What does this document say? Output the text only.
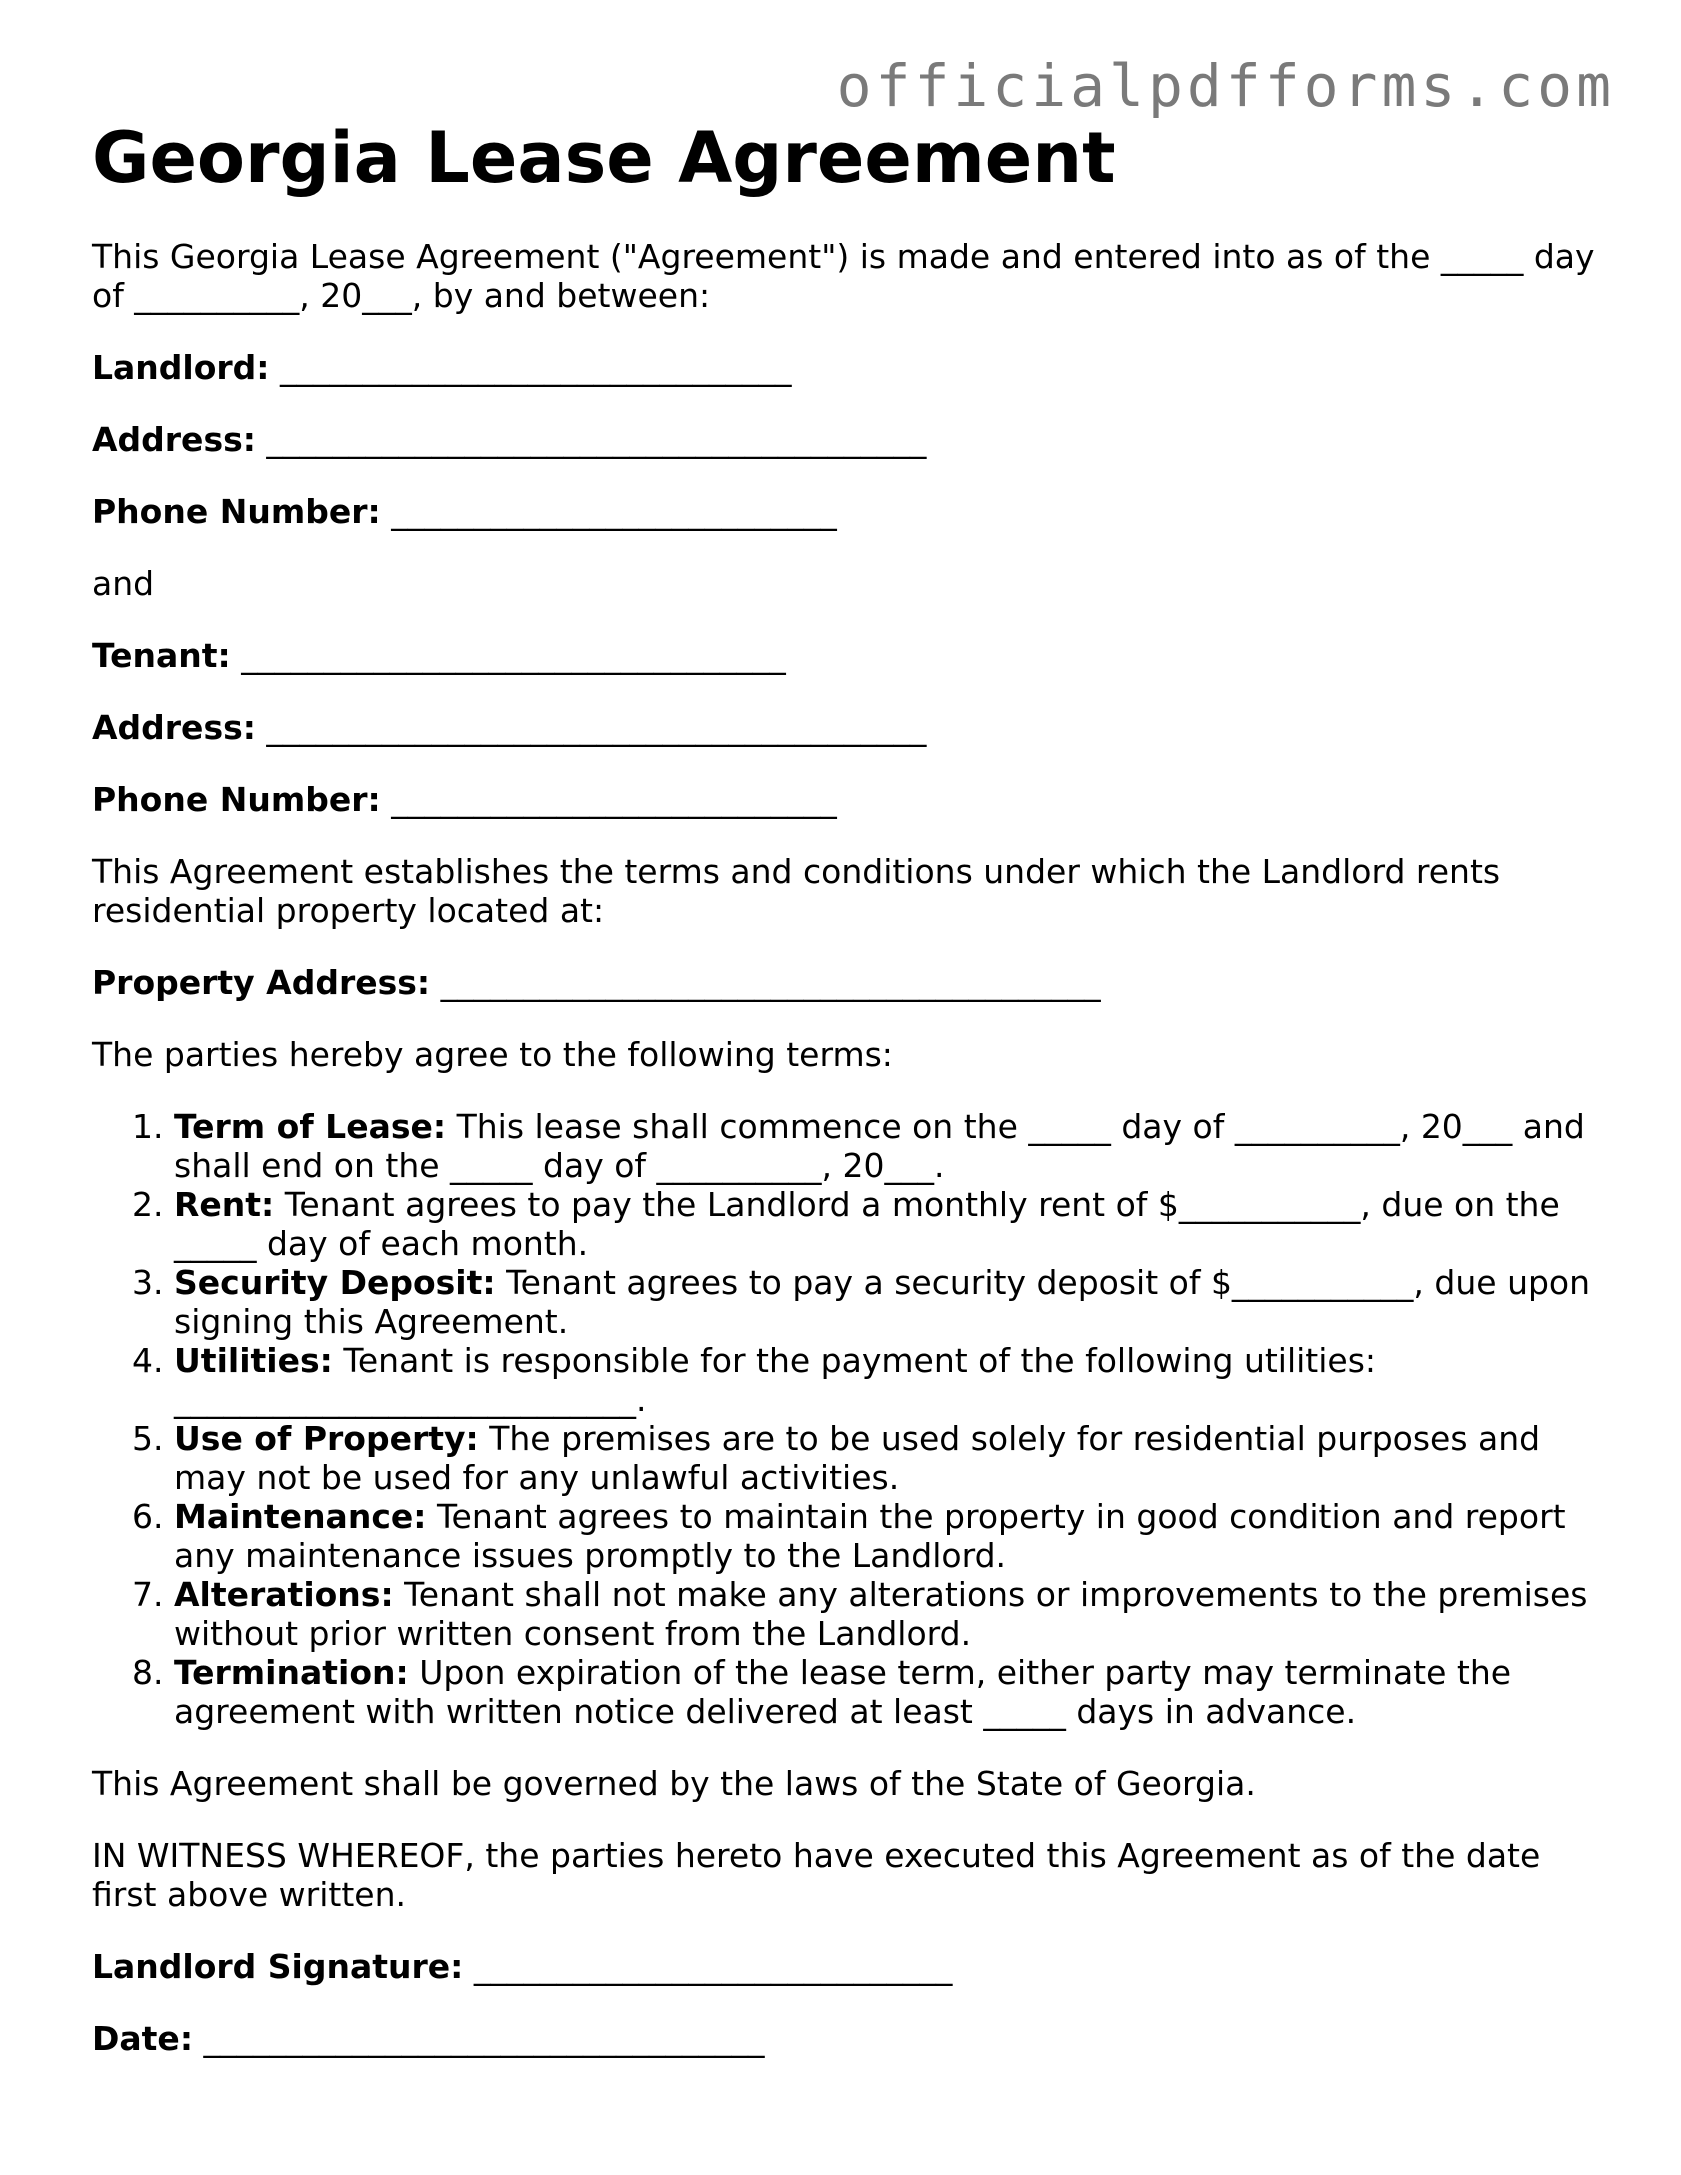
officialpdfforms.com
Georgia Lease Agreement

This Georgia Lease Agreement ("Agreement") is made and entered into as of the _____ day of __________, 20___, by and between:

Landlord: _______________________________

Address: ________________________________________

Phone Number: ___________________________

and

Tenant: _________________________________

Address: ________________________________________

Phone Number: ___________________________

This Agreement establishes the terms and conditions under which the Landlord rents residential property located at:

Property Address: ________________________________________

The parties hereby agree to the following terms:

1. Term of Lease: This lease shall commence on the _____ day of __________, 20___ and shall end on the _____ day of __________, 20___.
2. Rent: Tenant agrees to pay the Landlord a monthly rent of $___________, due on the _____ day of each month.
3. Security Deposit: Tenant agrees to pay a security deposit of $___________, due upon signing this Agreement.
4. Utilities: Tenant is responsible for the payment of the following utilities: ____________________________.
5. Use of Property: The premises are to be used solely for residential purposes and may not be used for any unlawful activities.
6. Maintenance: Tenant agrees to maintain the property in good condition and report any maintenance issues promptly to the Landlord.
7. Alterations: Tenant shall not make any alterations or improvements to the premises without prior written consent from the Landlord.
8. Termination: Upon expiration of the lease term, either party may terminate the agreement with written notice delivered at least _____ days in advance.

This Agreement shall be governed by the laws of the State of Georgia.

IN WITNESS WHEREOF, the parties hereto have executed this Agreement as of the date first above written.

Landlord Signature: _____________________________

Date: __________________________________
